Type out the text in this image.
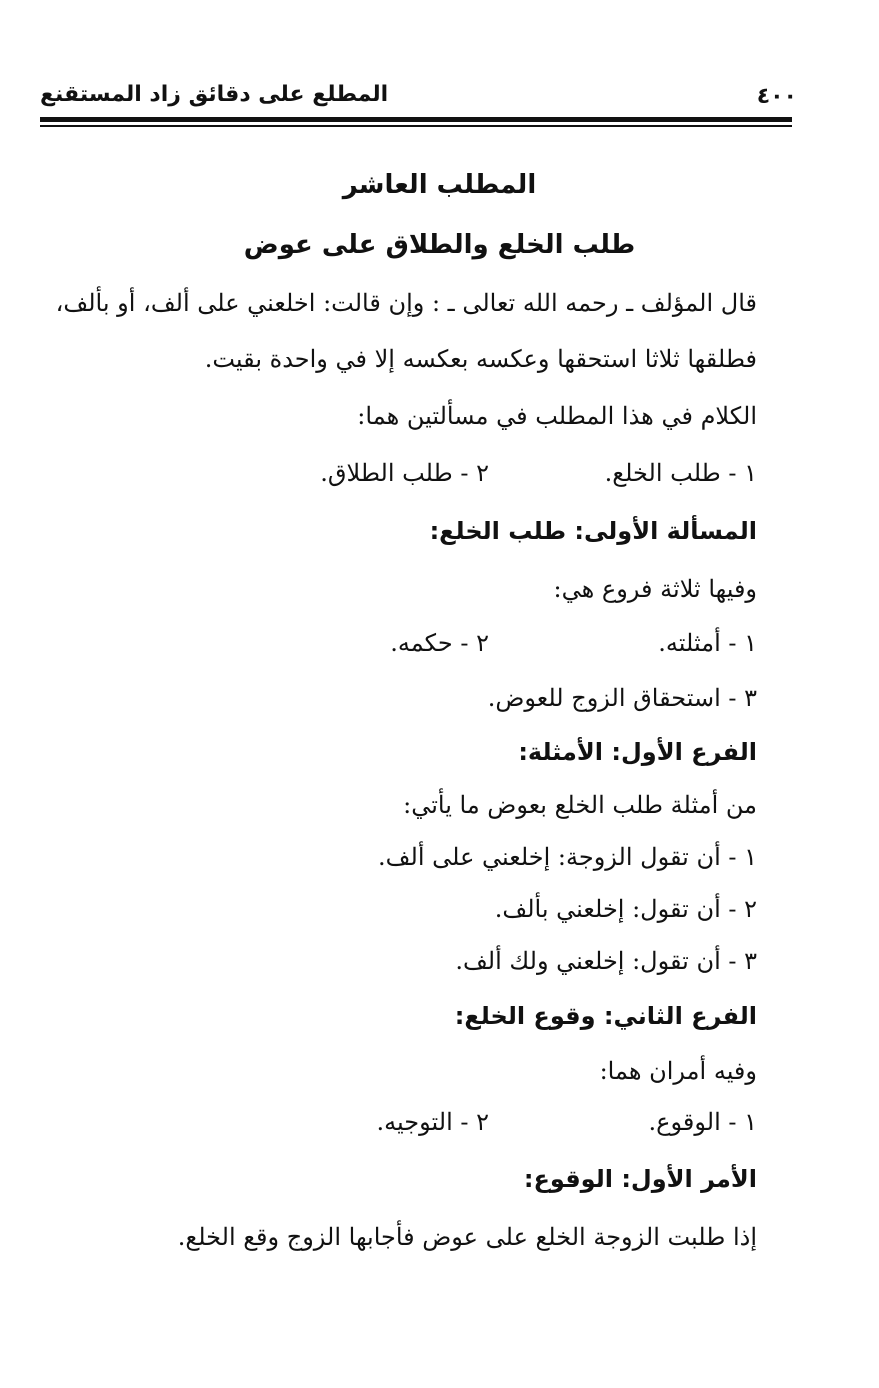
المطلع على دقائق زاد المستقنع	٤٠٠
المطلب العاشر
طلب الخلع والطلاق على عوض
قال المؤلف ـ رحمه الله تعالى ـ : وإن قالت: اخلعني على ألف، أو بألف،
فطلقها ثلاثا استحقها وعكسه بعكسه إلا في واحدة بقيت.
الكلام في هذا المطلب في مسألتين هما:
١ - طلب الخلع.
٢ - طلب الطلاق.
المسألة الأولى: طلب الخلع:
وفيها ثلاثة فروع هي:
١ - أمثلته.
٢ - حكمه.
٣ - استحقاق الزوج للعوض.
الفرع الأول: الأمثلة:
من أمثلة طلب الخلع بعوض ما يأتي:
١ - أن تقول الزوجة: إخلعني على ألف.
٢ - أن تقول: إخلعني بألف.
٣ - أن تقول: إخلعني ولك ألف.
الفرع الثاني: وقوع الخلع:
وفيه أمران هما:
١ - الوقوع.
٢ - التوجيه.
الأمر الأول: الوقوع:
إذا طلبت الزوجة الخلع على عوض فأجابها الزوج وقع الخلع.
